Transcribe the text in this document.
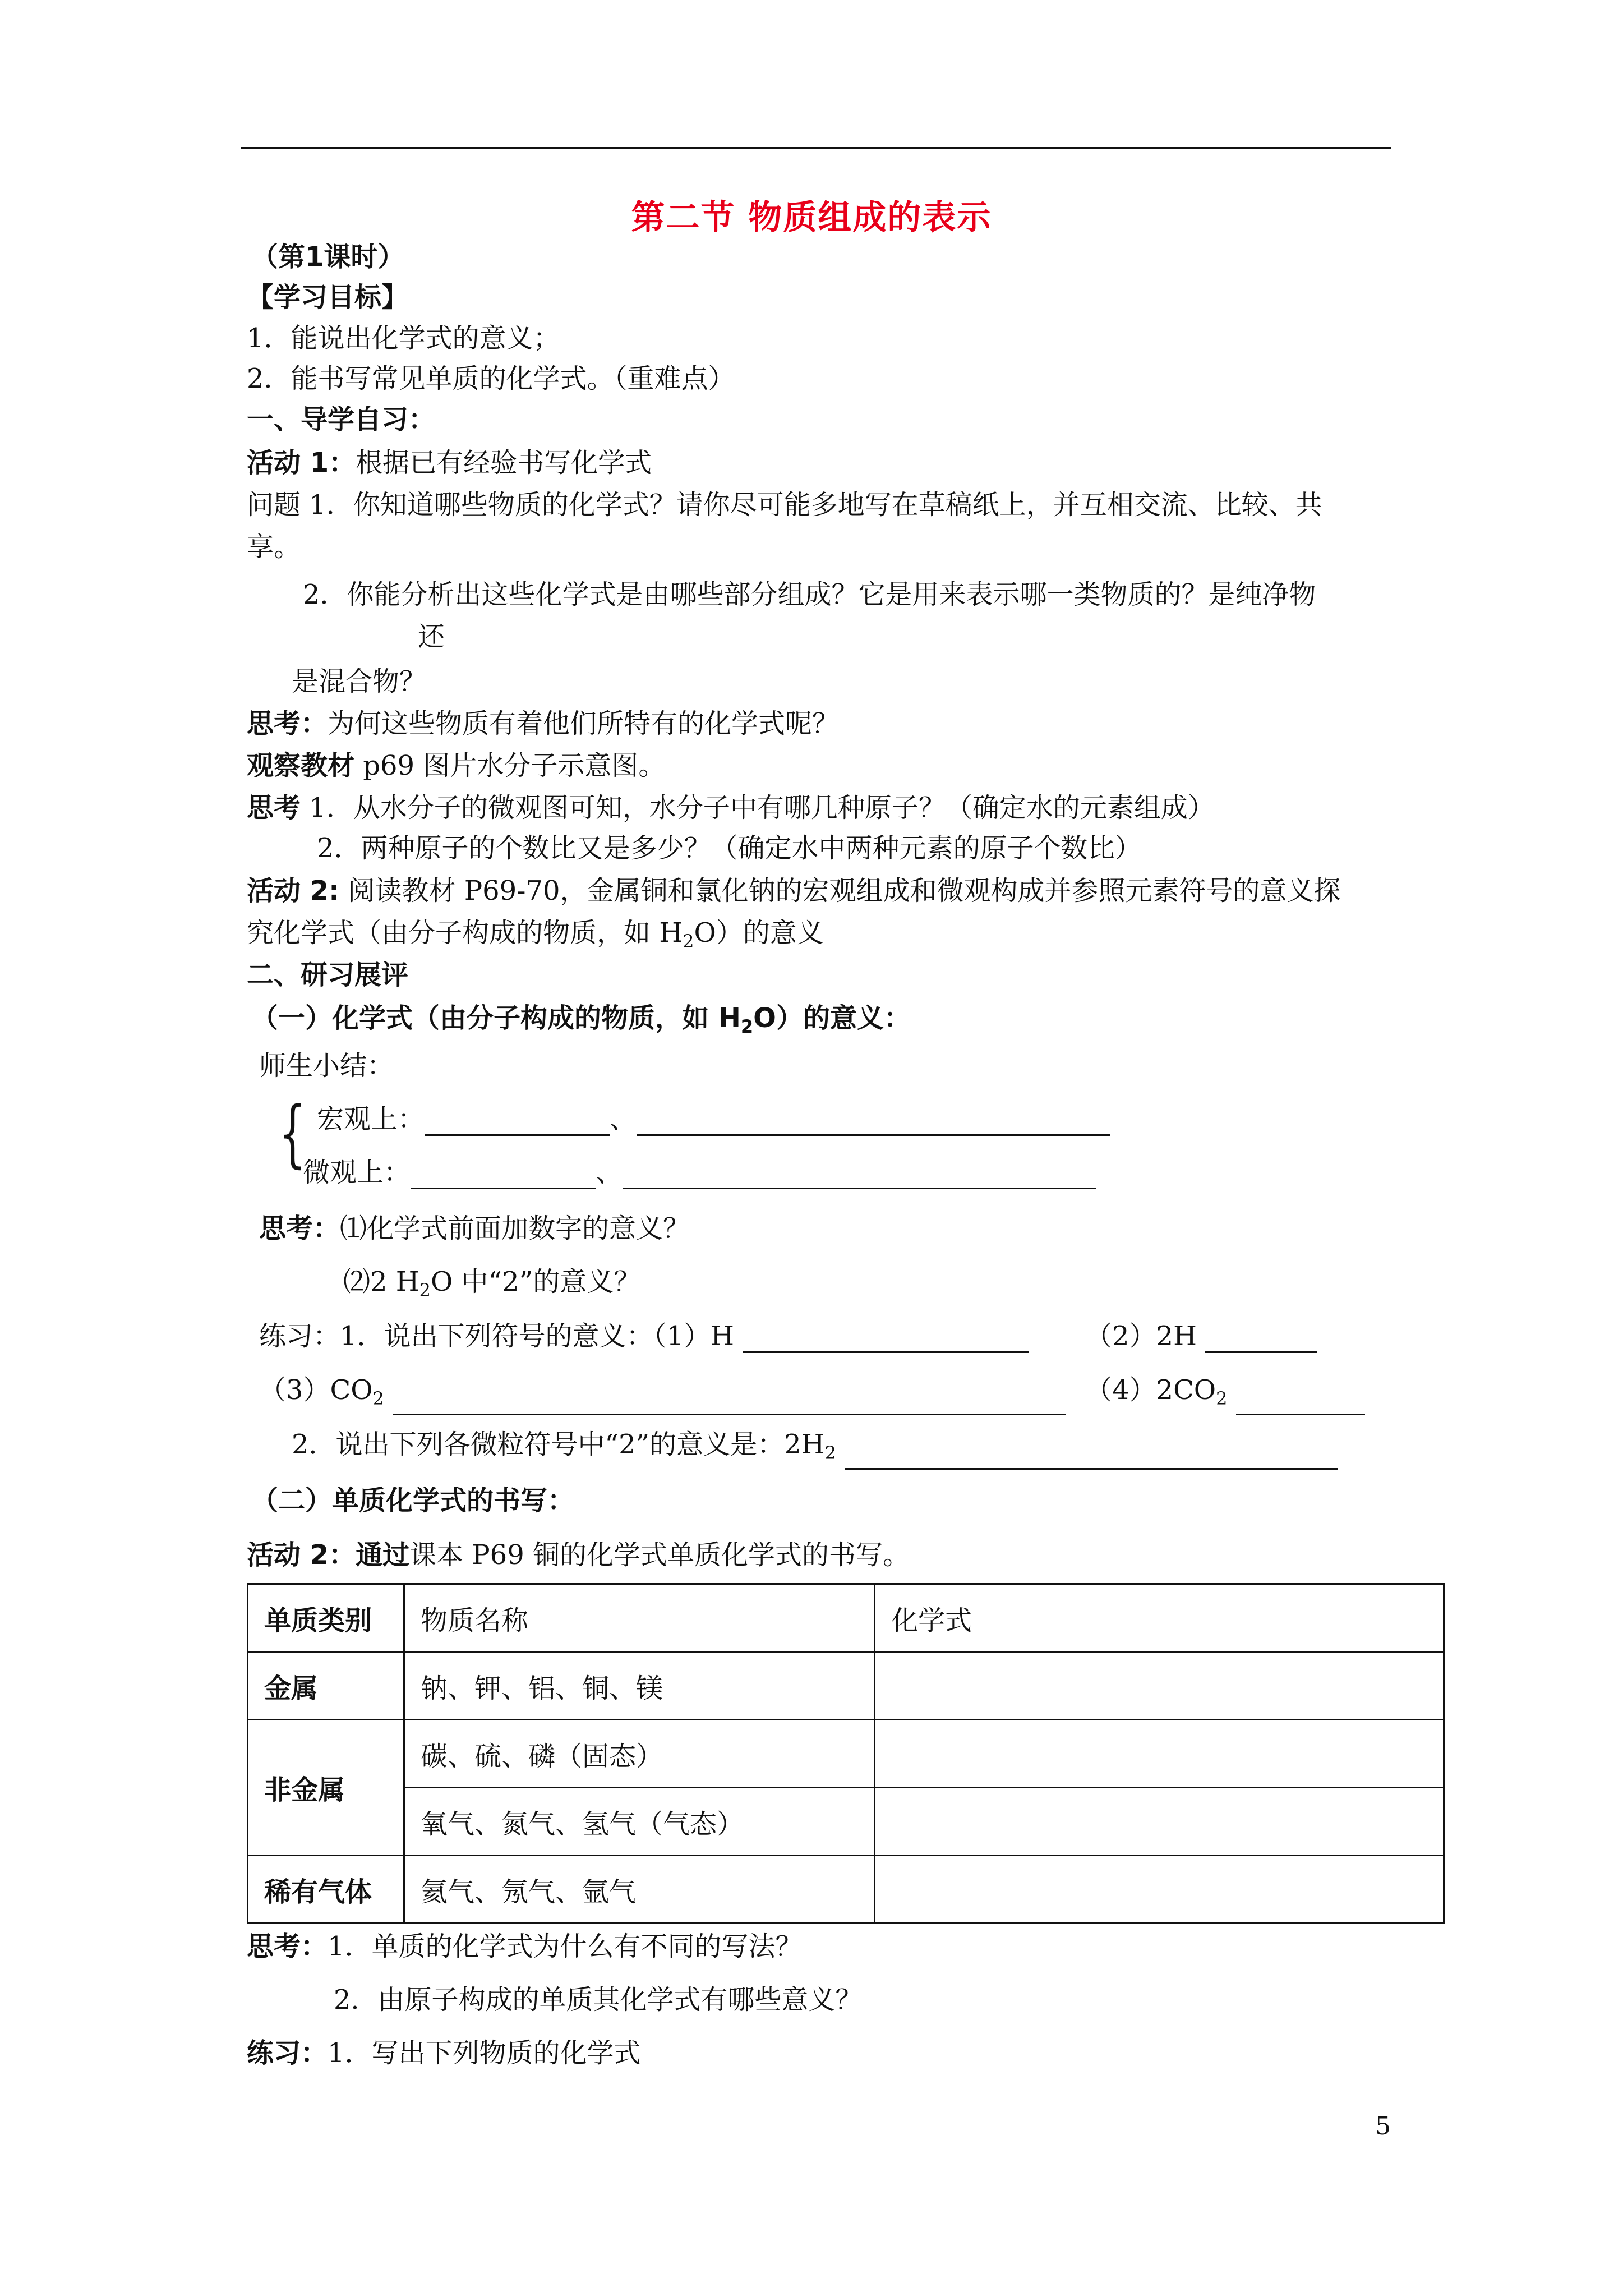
第二节 物质组成的表示
（第1课时）
【学习目标】
1．能说出化学式的意义；
2．能书写常见单质的化学式。（重难点）
一、导学自习：
活动 1：根据已有经验书写化学式
问题 1．你知道哪些物质的化学式？请你尽可能多地写在草稿纸上，并互相交流、比较、共
享。
2．你能分析出这些化学式是由哪些部分组成？它是用来表示哪一类物质的？是纯净物
还
是混合物？
思考：为何这些物质有着他们所特有的化学式呢？
观察教材 p69 图片水分子示意图。
思考 1．从水分子的微观图可知，水分子中有哪几种原子？（确定水的元素组成）
2．两种原子的个数比又是多少？（确定水中两种元素的原子个数比）
活动 2: 阅读教材 P69-70，金属铜和氯化钠的宏观组成和微观构成并参照元素符号的意义探
究化学式（由分子构成的物质，如 $H_2O$）的意义
二、研习展评
（一）化学式（由分子构成的物质，如 $H_2O$）的意义：
师生小结：
{ 宏观上：	、
微观上：	、
思考：⑴化学式前面加数字的意义？
⑵2 $H_2O$ 中“2”的意义？
练习：1．说出下列符号的意义：（1）H	（2）2H
$(3)CO_2$	$(4)2CO_2$
2．说出下列各微粒符号中“2”的意义是：$2H_2$
（二）单质化学式的书写：
活动 2：通过课本 P69 铜的化学式单质化学式的书写。
单质类别	物质名称	化学式
金属	钠、钾、铝、铜、镁	
非金属	碳、硫、磷（固态）	
	氧气、氮气、氢气（气态）	
稀有气体	氦气、氖气、氩气	
思考：1．单质的化学式为什么有不同的写法？
2．由原子构成的单质其化学式有哪些意义？
练习：1．写出下列物质的化学式
5
